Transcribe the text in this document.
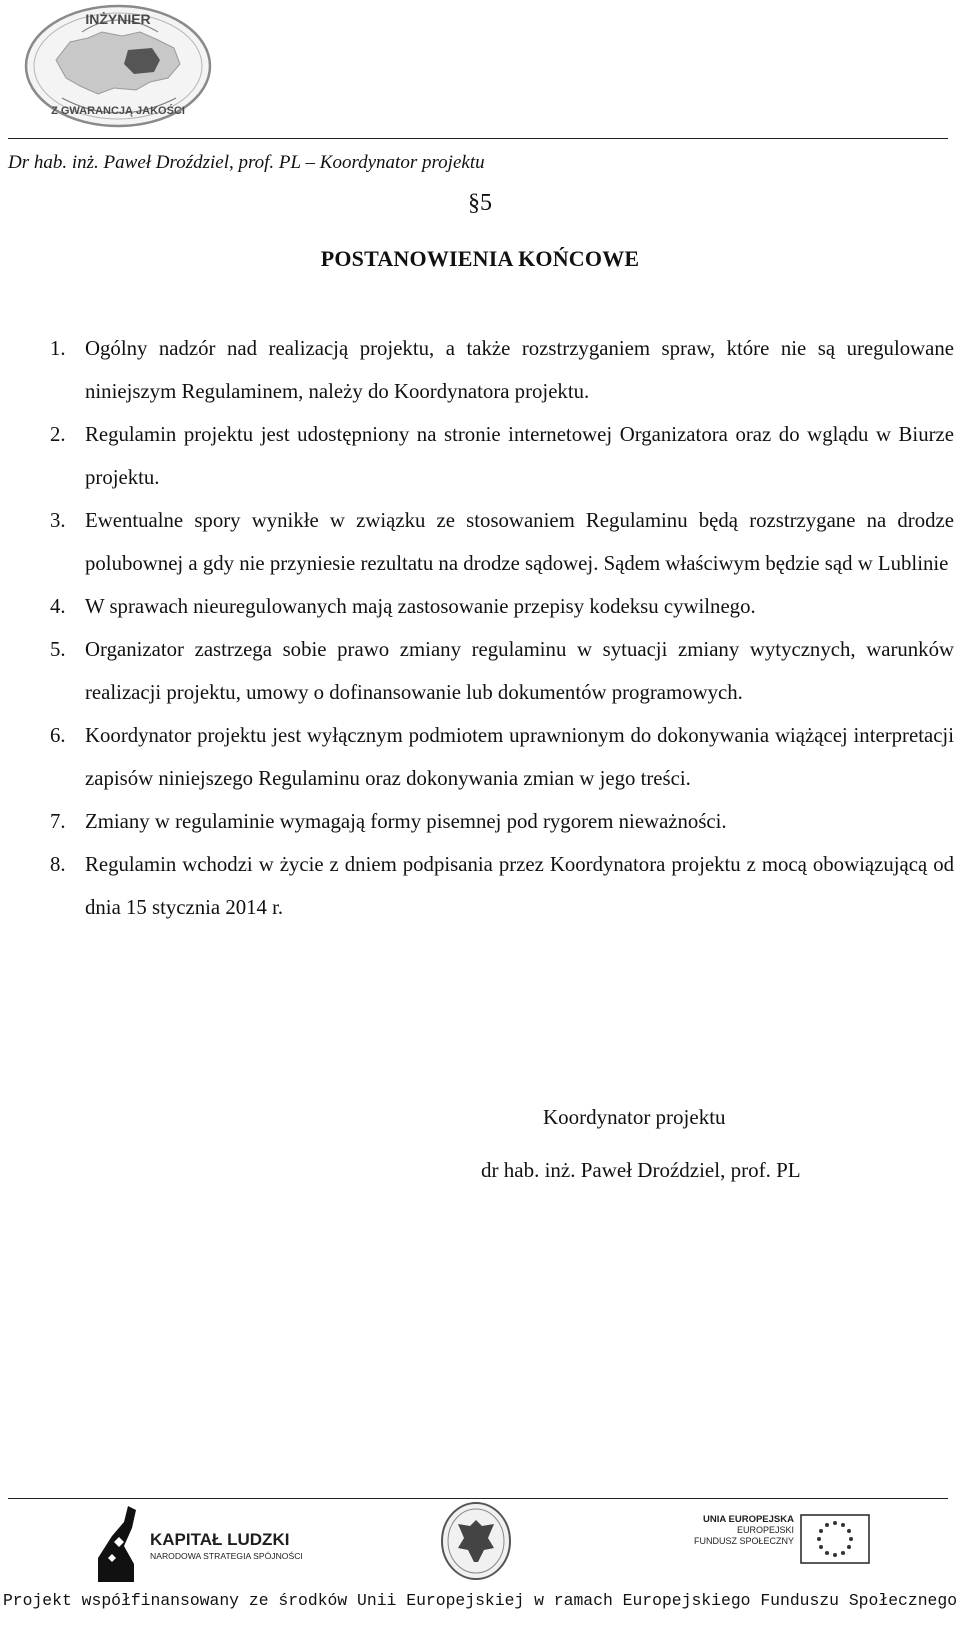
INŻYNIER
Z GWARANCJĄ JAKOŚCI
Dr hab. inż. Paweł Droździel, prof. PL – Koordynator projektu
§5
POSTANOWIENIA KOŃCOWE
1. Ogólny nadzór nad realizacją projektu, a także rozstrzyganiem spraw, które nie są uregulowane niniejszym Regulaminem, należy do Koordynatora projektu.
2. Regulamin projektu jest udostępniony na stronie internetowej Organizatora oraz do wglądu w Biurze projektu.
3. Ewentualne spory wynikłe w związku ze stosowaniem Regulaminu będą rozstrzygane na drodze polubownej a gdy nie przyniesie rezultatu na drodze sądowej. Sądem właściwym będzie sąd w Lublinie
4. W sprawach nieuregulowanych mają zastosowanie przepisy kodeksu cywilnego.
5. Organizator zastrzega sobie prawo zmiany regulaminu w sytuacji zmiany wytycznych, warunków realizacji projektu, umowy o dofinansowanie lub dokumentów programowych.
6. Koordynator projektu jest wyłącznym podmiotem uprawnionym do dokonywania wiążącej interpretacji zapisów niniejszego Regulaminu oraz dokonywania zmian w jego treści.
7. Zmiany w regulaminie wymagają formy pisemnej pod rygorem nieważności.
8. Regulamin wchodzi w życie z dniem podpisania przez Koordynatora projektu z mocą obowiązującą od dnia 15 stycznia 2014 r.
Koordynator projektu
dr hab. inż. Paweł Droździel, prof. PL
KAPITAŁ LUDZKI
NARODOWA STRATEGIA SPÓJNOŚCI
UNIA EUROPEJSKA
EUROPEJSKI
FUNDUSZ SPOŁECZNY
Projekt współfinansowany ze środków Unii Europejskiej w ramach Europejskiego Funduszu Społecznego
